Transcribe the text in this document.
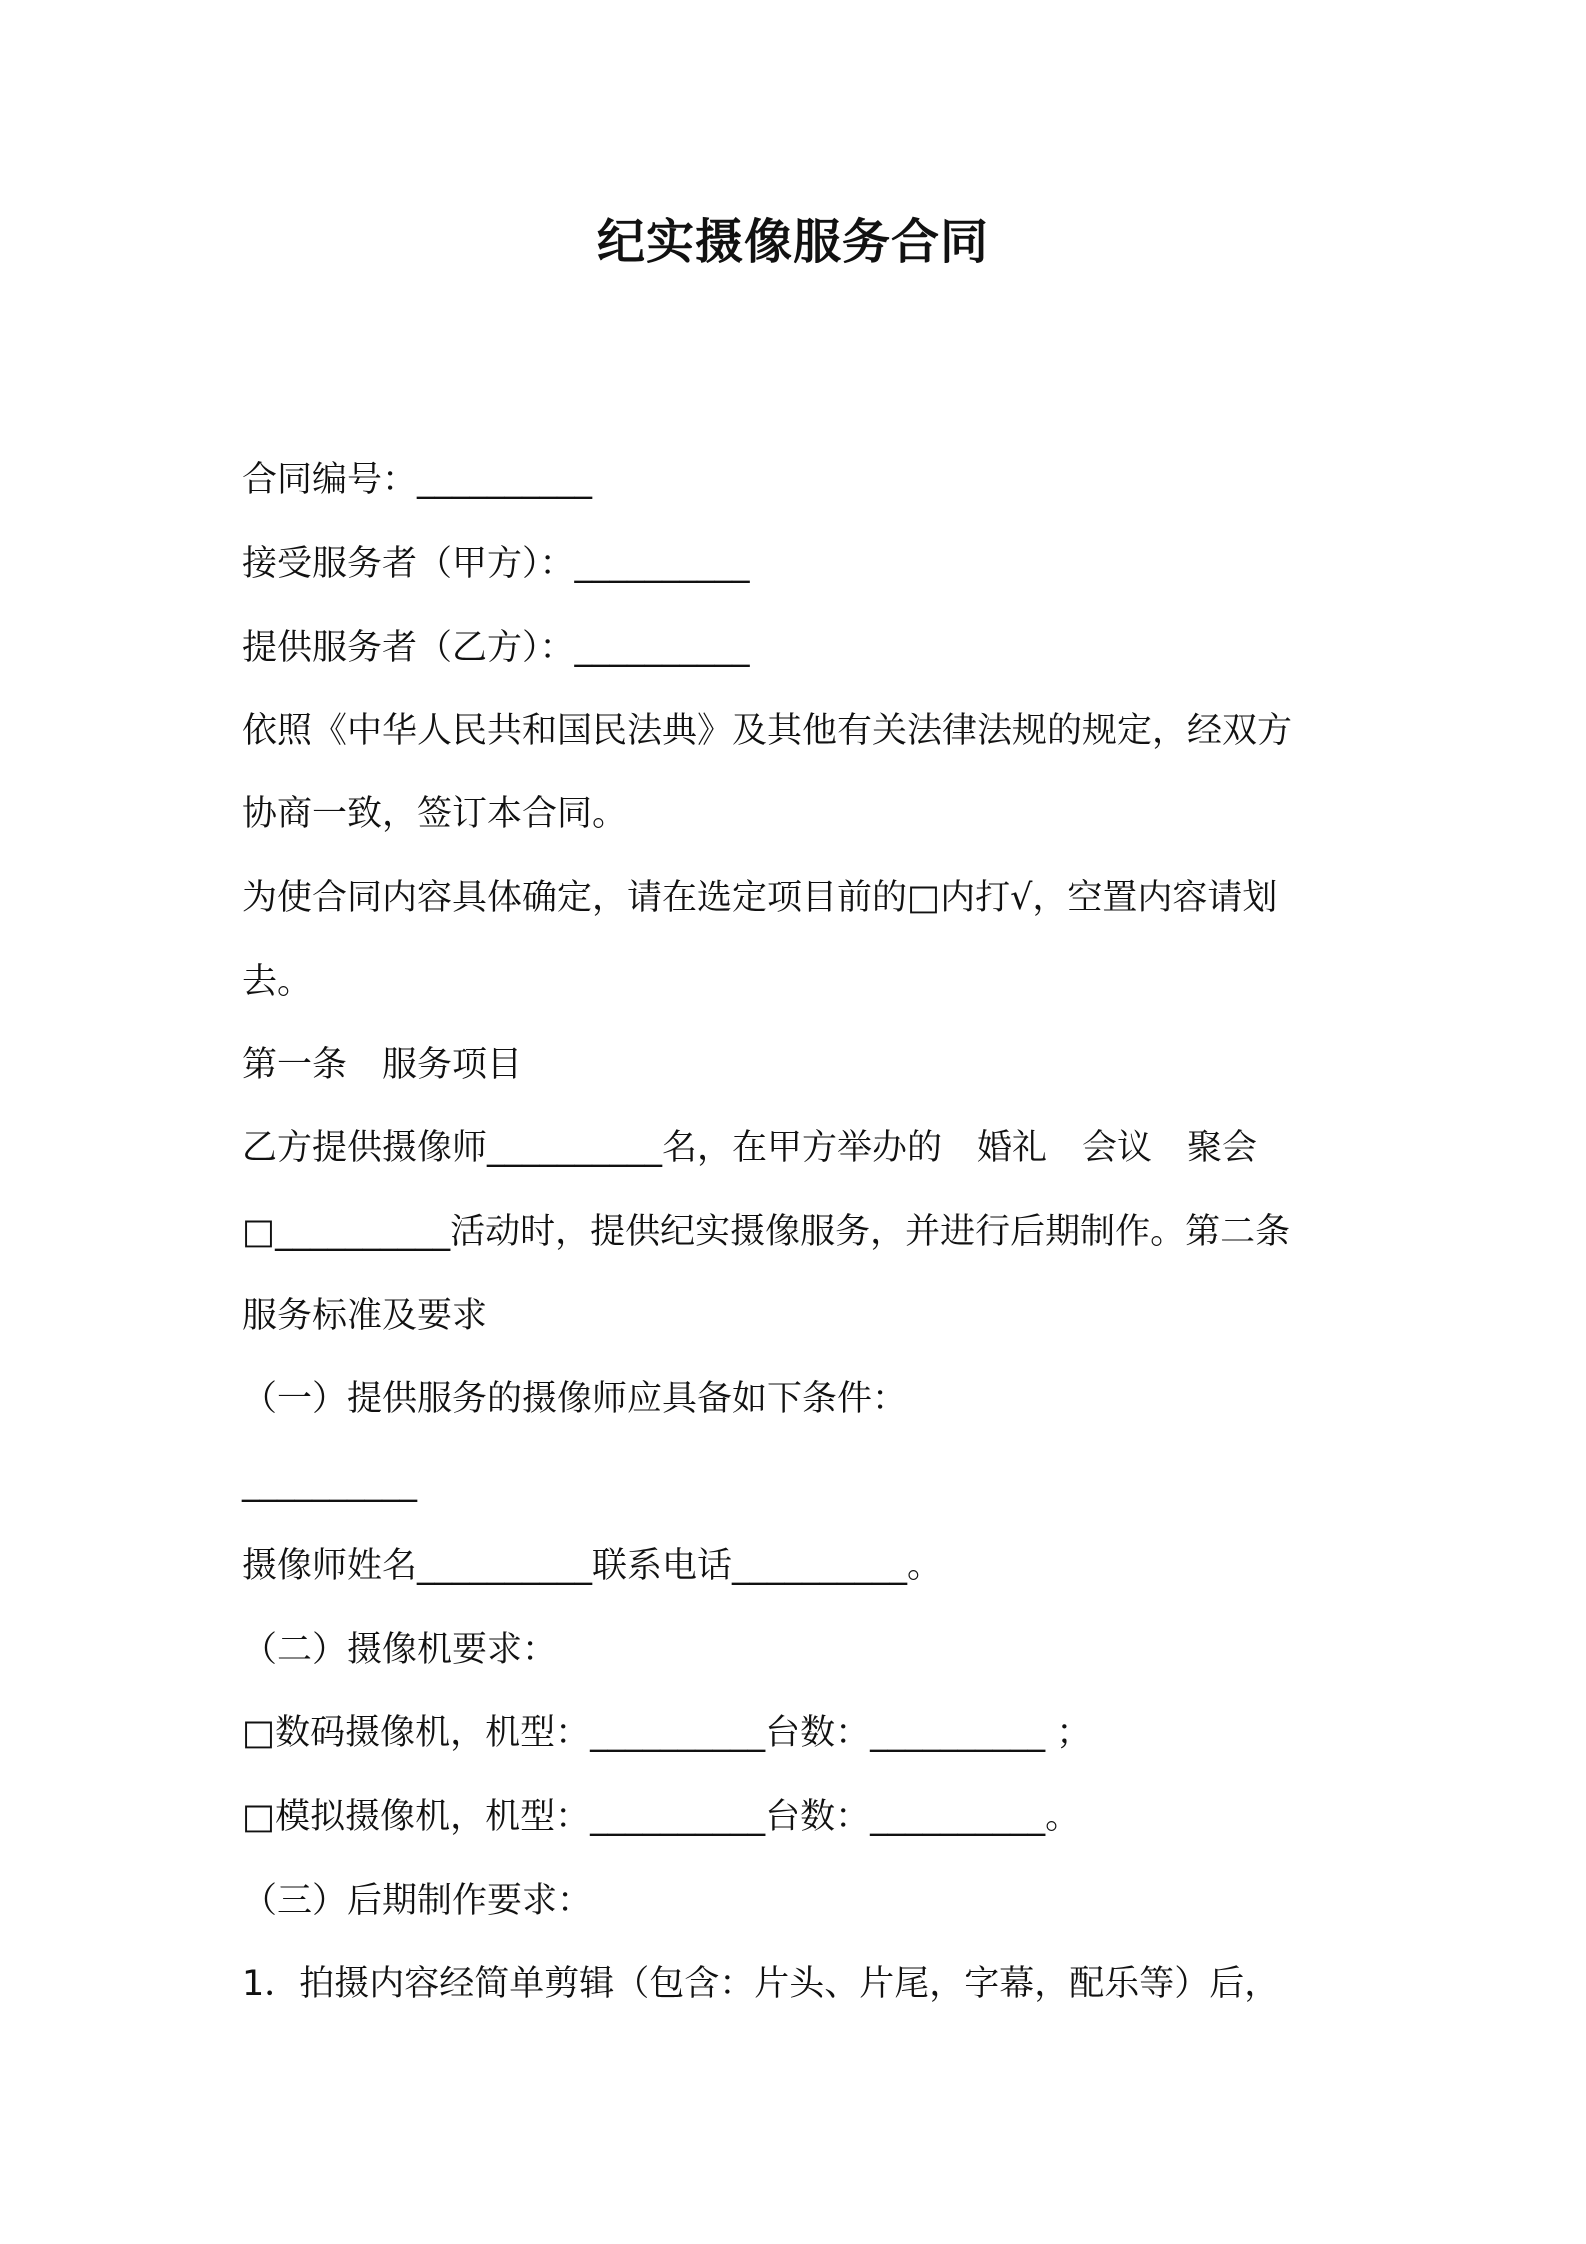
纪实摄像服务合同
合同编号：__________
接受服务者（甲方）：__________
提供服务者（乙方）：__________
依照《中华人民共和国民法典》及其他有关法律法规的规定，经双方
协商一致，签订本合同。
为使合同内容具体确定，请在选定项目前的□内打√，空置内容请划
去。
第一条　服务项目
乙方提供摄像师__________名，在甲方举办的　婚礼　会议　聚会
□__________活动时，提供纪实摄像服务，并进行后期制作。第二条
服务标准及要求
（一）提供服务的摄像师应具备如下条件：
__________
摄像师姓名__________联系电话__________。
（二）摄像机要求：
□数码摄像机，机型：__________台数：__________ ；
□模拟摄像机，机型：__________台数：__________。
（三）后期制作要求：
1．拍摄内容经简单剪辑（包含：片头、片尾，字幕，配乐等）后，
